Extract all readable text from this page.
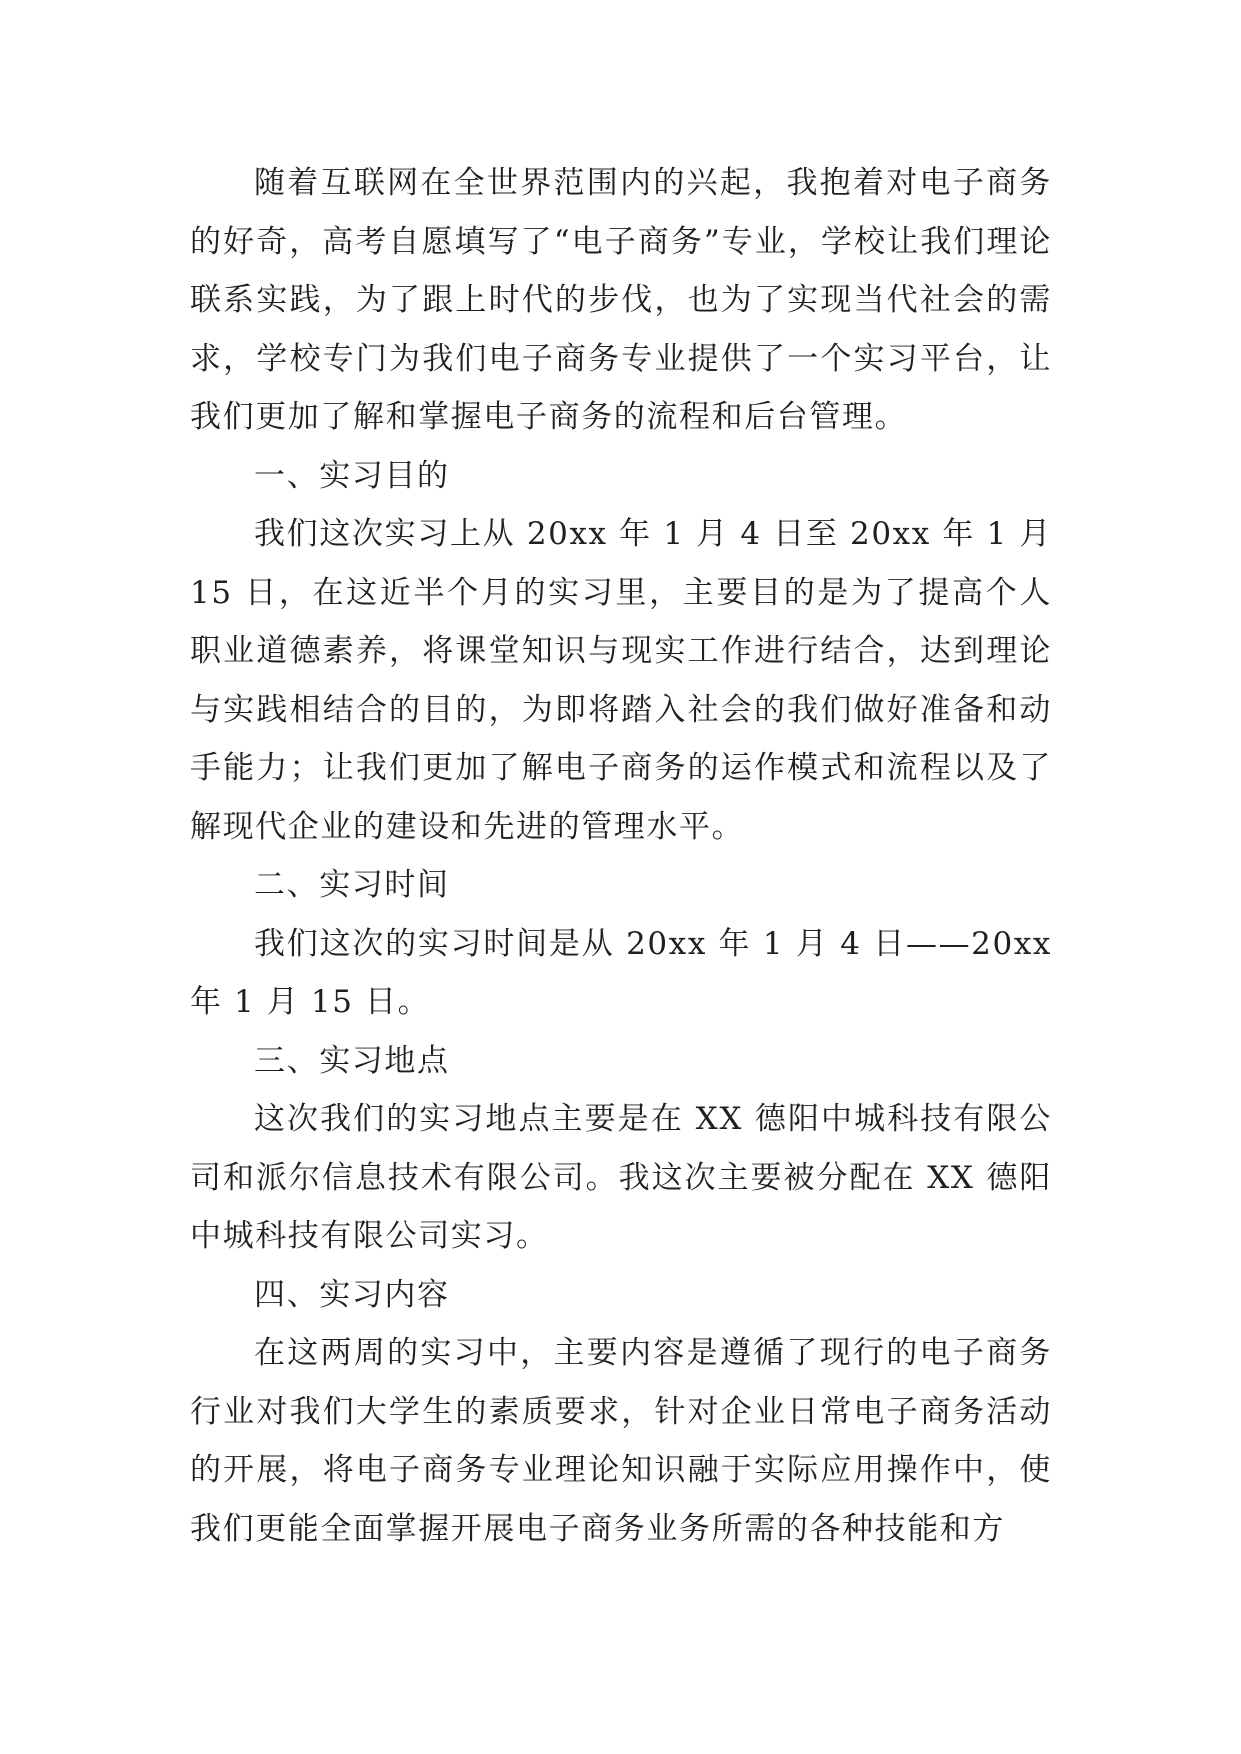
随着互联网在全世界范围内的兴起，我抱着对电子商务的好奇，高考自愿填写了“电子商务”专业，学校让我们理论联系实践，为了跟上时代的步伐，也为了实现当代社会的需求，学校专门为我们电子商务专业提供了一个实习平台，让我们更加了解和掌握电子商务的流程和后台管理。

一、实习目的

我们这次实习上从 20xx 年 1 月 4 日至 20xx 年 1 月 15 日，在这近半个月的实习里，主要目的是为了提高个人职业道德素养，将课堂知识与现实工作进行结合，达到理论与实践相结合的目的，为即将踏入社会的我们做好准备和动手能力；让我们更加了解电子商务的运作模式和流程以及了解现代企业的建设和先进的管理水平。

二、实习时间

我们这次的实习时间是从 20xx 年 1 月 4 日——20xx 年 1 月 15 日。

三、实习地点

这次我们的实习地点主要是在 XX 德阳中城科技有限公司和派尔信息技术有限公司。我这次主要被分配在 XX 德阳中城科技有限公司实习。

四、实习内容

在这两周的实习中，主要内容是遵循了现行的电子商务行业对我们大学生的素质要求，针对企业日常电子商务活动的开展，将电子商务专业理论知识融于实际应用操作中，使我们更能全面掌握开展电子商务业务所需的各种技能和方
